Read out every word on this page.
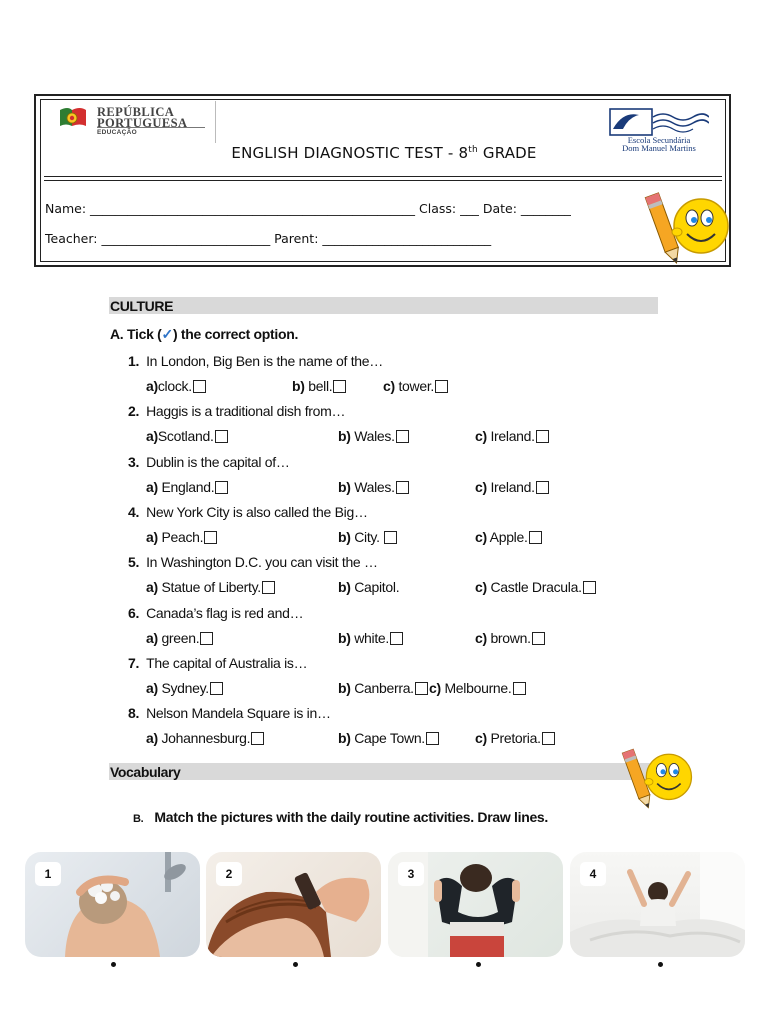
REPÚBLICA
PORTUGUESA
EDUCAÇÃO
Escola Secundária
Dom Manuel Martins
ENGLISH DIAGNOSTIC TEST - 8th GRADE
Name: ____________________________________________________ Class: ___ Date: ________
Teacher: ___________________________ Parent: ___________________________
CULTURE
A. Tick (✓) the correct option.
1. In London, Big Ben is the name of the…
a)clock.	b) bell.	c) tower.
2. Haggis is a traditional dish from…
a)Scotland.	b) Wales.	c) Ireland.
3. Dublin is the capital of…
a) England.	b) Wales.	c) Ireland.
4. New York City is also called the Big…
a) Peach.	b) City.	c) Apple.
5. In Washington D.C. you can visit the …
a) Statue of Liberty.	b) Capitol.	c) Castle Dracula.
6. Canada’s flag is red and…
a) green.	b) white.	c) brown.
7. The capital of Australia is…
a) Sydney.	b) Canberra.	c) Melbourne.
8. Nelson Mandela Square is in…
a) Johannesburg.	b) Cape Town.	c) Pretoria.
Vocabulary
B. Match the pictures with the daily routine activities. Draw lines.
1	2	3	4
